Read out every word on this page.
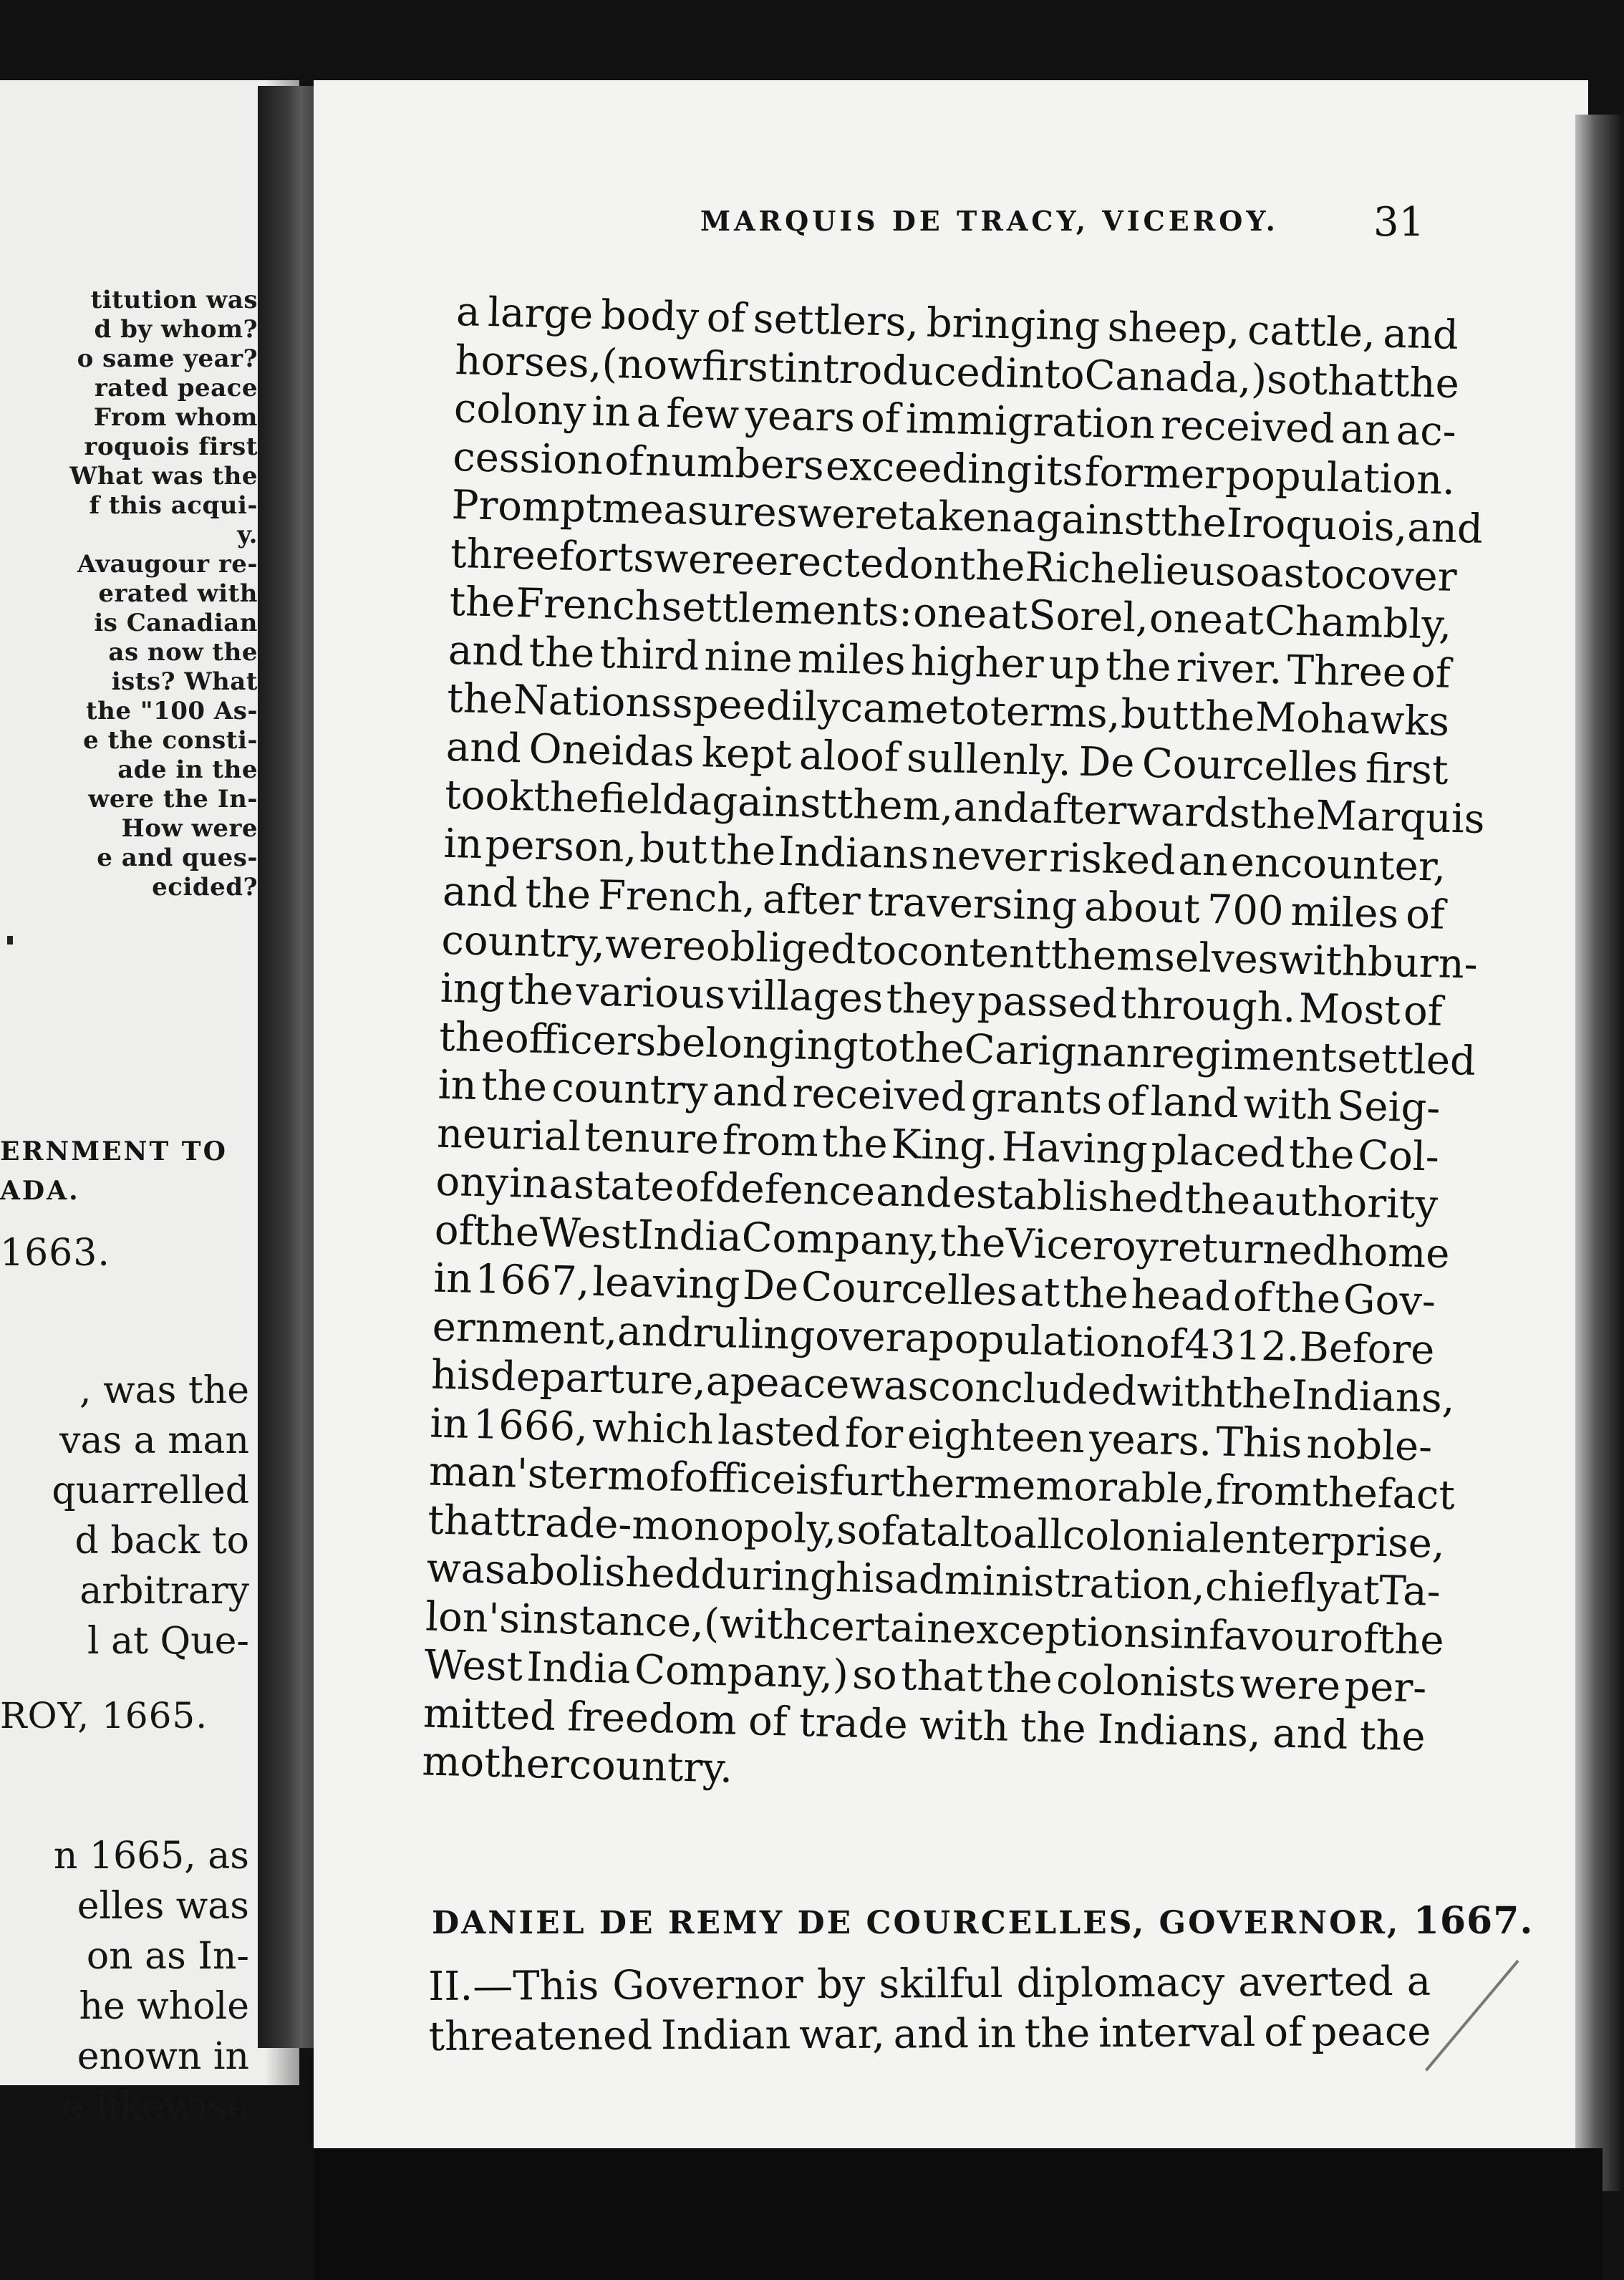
titution was
d by whom?
o same year?
rated peace
From whom
roquois first
What was the
f this acqui-
y.
Avaugour re-
erated with
is Canadian
as now the
ists? What
the "100 As-
e the consti-
ade in the
were the In-
How were
e and ques-
ecided?
ERNMENT TO
ADA.
1663.
, was the
vas a man
quarrelled
d back to
arbitrary
l at Que-
ROY, 1665.
n 1665, as
elles was
on as In-
he whole
enown in
e likewise
MARQUIS DE TRACY, VICEROY.	31
a large body of settlers, bringing sheep, cattle, and
horses,
(now
first
introduced
into
Canada,)
so
that
the
colony in a few years of immigration received an ac-
cession of numbers exceeding its former population.
Prompt
measures
were
taken
against
the
Iroquois,
and
three
forts
were
erected
on
the
Richelieu
so
as
to
cover
the French settlements: one at Sorel, one at Chambly,
and the third nine miles higher up the river. Three of
the Nations speedily came to terms, but the Mohawks
and Oneidas kept aloof sullenly. De Courcelles first
took
the
field
against
them,
and
afterwards
the
Marquis
in person, but the Indians never risked an encounter,
and the French, after traversing about 700 miles of
country,
were
obliged
to
content
themselves
with
burn-
ing the various villages they passed through. Most of
the
officers
belonging
to
the
Carignan
regiment
settled
in the country and received grants of land with Seig-
neurial tenure from the King. Having placed the Col-
ony in a state of defence and established the authority
of
the
West
India
Company,
the
Viceroy
returned
home
in 1667, leaving De Courcelles at the head of the Gov-
ernment,
and
ruling
over
a
population
of
4312.
Before
his
departure,
a
peace
was
concluded
with
the
Indians,
in 1666, which lasted for eighteen years. This noble-
man's
term
of
office
is
further
memorable,
from
the
fact
that
trade-monopoly,
so
fatal
to
all
colonial
enterprise,
was
abolished
during
his
administration,
chiefly
at
Ta-
lon's
instance,
(with
certain
exceptions
in
favour
of
the
West India Company,) so that the colonists were per-
mitted freedom of trade with the Indians, and the
mother
country.
DANIEL DE REMY DE COURCELLES, GOVERNOR, 1667.
II.—This Governor by skilful diplomacy averted a
threatened Indian war, and in the interval of peace
